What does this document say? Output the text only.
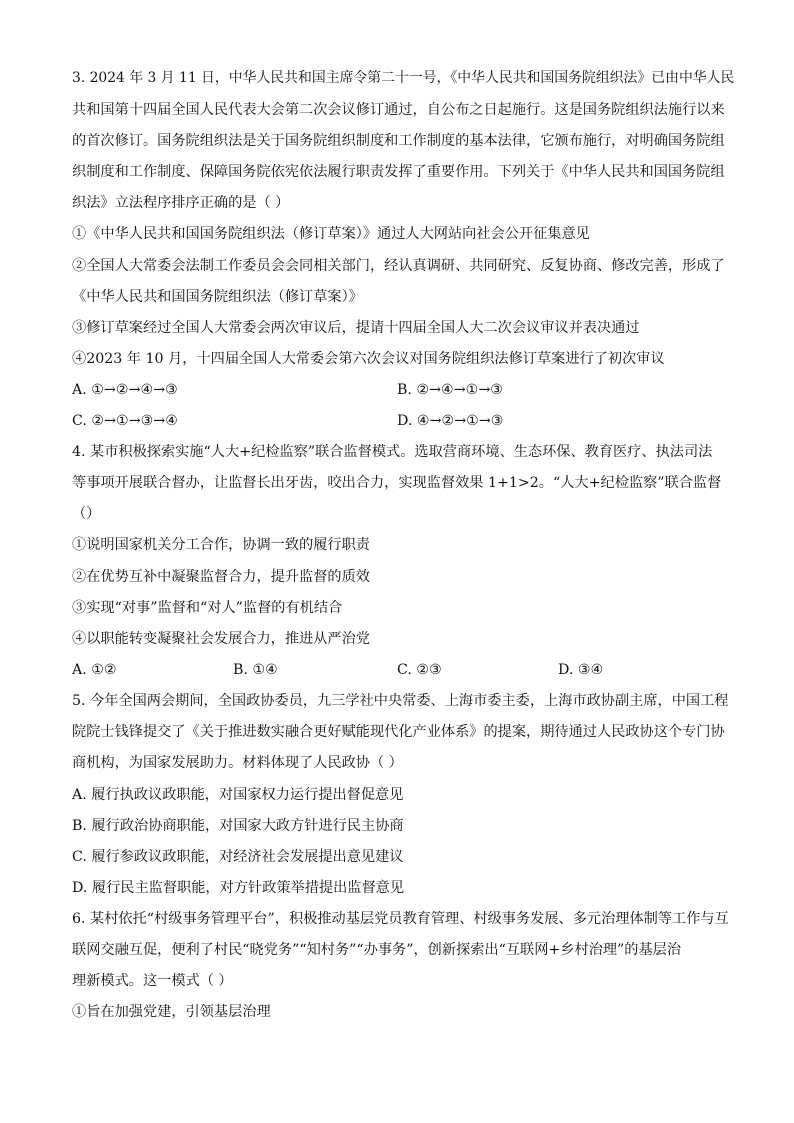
3. 2024 年 3 月 11 日，中华人民共和国主席令第二十一号，《中华人民共和国国务院组织法》已由中华人民
共和国第十四届全国人民代表大会第二次会议修订通过，自公布之日起施行。这是国务院组织法施行以来
的首次修订。国务院组织法是关于国务院组织制度和工作制度的基本法律，它颁布施行，对明确国务院组
织制度和工作制度、保障国务院依宪依法履行职责发挥了重要作用。下列关于《中华人民共和国国务院组
织法》立法程序排序正确的是（ ）
①《中华人民共和国国务院组织法（修订草案）》通过人大网站向社会公开征集意见
②全国人大常委会法制工作委员会会同相关部门，经认真调研、共同研究、反复协商、修改完善，形成了
《中华人民共和国国务院组织法（修订草案）》
③修订草案经过全国人大常委会两次审议后，提请十四届全国人大二次会议审议并表决通过
④2023 年 10 月，十四届全国人大常委会第六次会议对国务院组织法修订草案进行了初次审议
A. ①→②→④→③	B. ②→④→①→③
C. ②→①→③→④	D. ④→②→①→③
4. 某市积极探索实施“人大+纪检监察”联合监督模式。选取营商环境、生态环保、教育医疗、执法司法
等事项开展联合督办，让监督长出牙齿，咬出合力，实现监督效果 1+1>2。“人大+纪检监察”联合监督
（）
①说明国家机关分工合作，协调一致的履行职责
②在优势互补中凝聚监督合力，提升监督的质效
③实现“对事”监督和“对人”监督的有机结合
④以职能转变凝聚社会发展合力，推进从严治党
A. ①②	B. ①④	C. ②③	D. ③④
5. 今年全国两会期间，全国政协委员，九三学社中央常委、上海市委主委，上海市政协副主席，中国工程
院院士钱锋提交了《关于推进数实融合更好赋能现代化产业体系》的提案，期待通过人民政协这个专门协
商机构，为国家发展助力。材料体现了人民政协（ ）
A. 履行执政议政职能，对国家权力运行提出督促意见
B. 履行政治协商职能，对国家大政方针进行民主协商
C. 履行参政议政职能，对经济社会发展提出意见建议
D. 履行民主监督职能，对方针政策举措提出监督意见
6. 某村依托“村级事务管理平台”，积极推动基层党员教育管理、村级事务发展、多元治理体制等工作与互
联网交融互促，便利了村民“晓党务”“知村务”“办事务”，创新探索出“互联网+乡村治理”的基层治
理新模式。这一模式（ ）
①旨在加强党建，引领基层治理
